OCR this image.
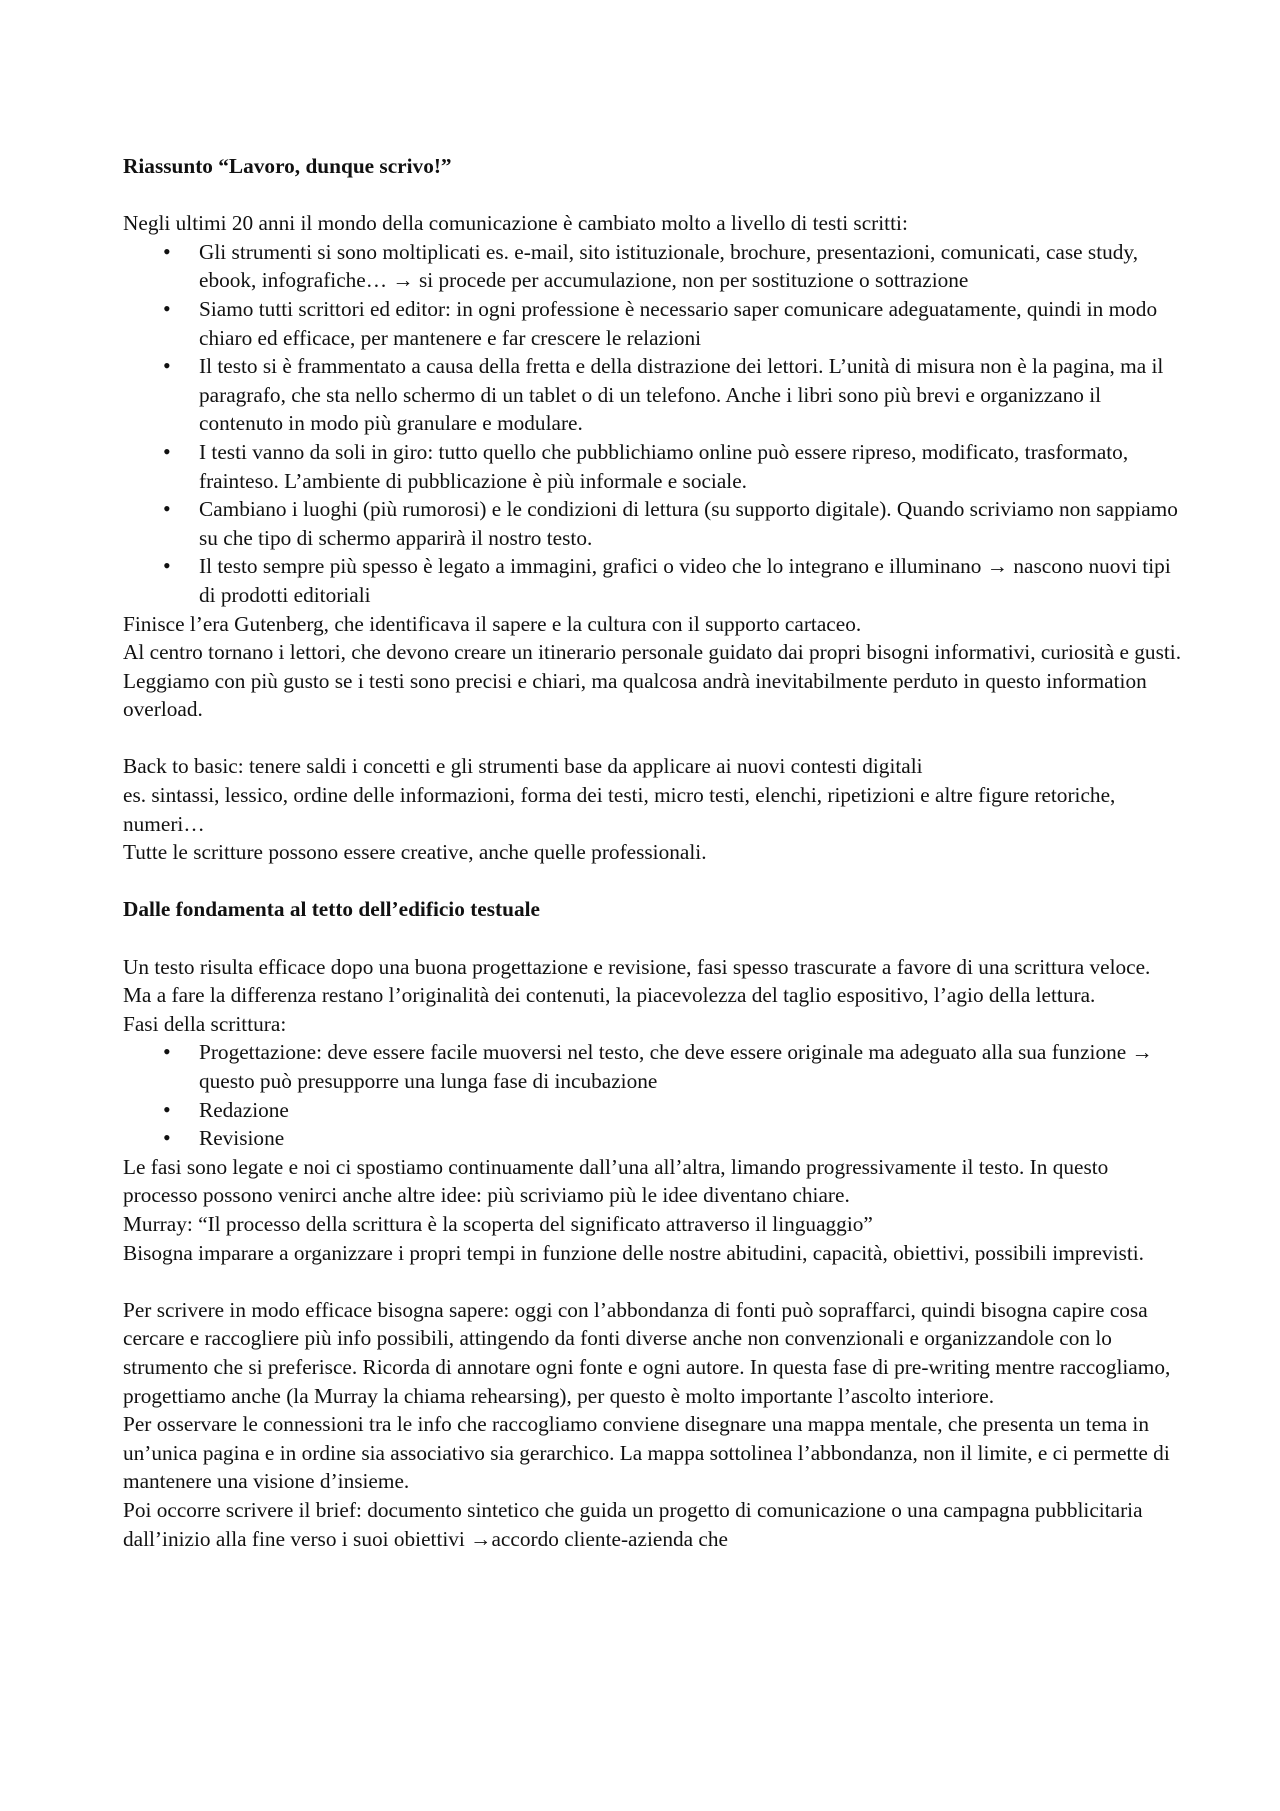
Riassunto “Lavoro, dunque scrivo!”

Negli ultimi 20 anni il mondo della comunicazione è cambiato molto a livello di testi scritti:

• Gli strumenti si sono moltiplicati es. e-mail, sito istituzionale, brochure, presentazioni, comunicati, case study, ebook, infografiche… → si procede per accumulazione, non per sostituzione o sottrazione
• Siamo tutti scrittori ed editor: in ogni professione è necessario saper comunicare adeguatamente, quindi in modo chiaro ed efficace, per mantenere e far crescere le relazioni
• Il testo si è frammentato a causa della fretta e della distrazione dei lettori. L’unità di misura non è la pagina, ma il paragrafo, che sta nello schermo di un tablet o di un telefono. Anche i libri sono più brevi e organizzano il contenuto in modo più granulare e modulare.
• I testi vanno da soli in giro: tutto quello che pubblichiamo online può essere ripreso, modificato, trasformato, frainteso. L’ambiente di pubblicazione è più informale e sociale.
• Cambiano i luoghi (più rumorosi) e le condizioni di lettura (su supporto digitale). Quando scriviamo non sappiamo su che tipo di schermo apparirà il nostro testo.
• Il testo sempre più spesso è legato a immagini, grafici o video che lo integrano e illuminano → nascono nuovi tipi di prodotti editoriali

Finisce l’era Gutenberg, che identificava il sapere e la cultura con il supporto cartaceo.

Al centro tornano i lettori, che devono creare un itinerario personale guidato dai propri bisogni informativi, curiosità e gusti. Leggiamo con più gusto se i testi sono precisi e chiari, ma qualcosa andrà inevitabilmente perduto in questo information overload.

Back to basic: tenere saldi i concetti e gli strumenti base da applicare ai nuovi contesti digitali

es. sintassi, lessico, ordine delle informazioni, forma dei testi, micro testi, elenchi, ripetizioni e altre figure retoriche, numeri…

Tutte le scritture possono essere creative, anche quelle professionali.

Dalle fondamenta al tetto dell’edificio testuale

Un testo risulta efficace dopo una buona progettazione e revisione, fasi spesso trascurate a favore di una scrittura veloce. Ma a fare la differenza restano l’originalità dei contenuti, la piacevolezza del taglio espositivo, l’agio della lettura.

Fasi della scrittura:

• Progettazione: deve essere facile muoversi nel testo, che deve essere originale ma adeguato alla sua funzione → questo può presupporre una lunga fase di incubazione
• Redazione
• Revisione

Le fasi sono legate e noi ci spostiamo continuamente dall’una all’altra, limando progressivamente il testo. In questo processo possono venirci anche altre idee: più scriviamo più le idee diventano chiare.

Murray: “Il processo della scrittura è la scoperta del significato attraverso il linguaggio”

Bisogna imparare a organizzare i propri tempi in funzione delle nostre abitudini, capacità, obiettivi, possibili imprevisti.

Per scrivere in modo efficace bisogna sapere: oggi con l’abbondanza di fonti può sopraffarci, quindi bisogna capire cosa cercare e raccogliere più info possibili, attingendo da fonti diverse anche non convenzionali e organizzandole con lo strumento che si preferisce. Ricorda di annotare ogni fonte e ogni autore. In questa fase di pre-writing mentre raccogliamo, progettiamo anche (la Murray la chiama rehearsing), per questo è molto importante l’ascolto interiore.

Per osservare le connessioni tra le info che raccogliamo conviene disegnare una mappa mentale, che presenta un tema in un’unica pagina e in ordine sia associativo sia gerarchico. La mappa sottolinea l’abbondanza, non il limite, e ci permette di mantenere una visione d’insieme.

Poi occorre scrivere il brief: documento sintetico che guida un progetto di comunicazione o una campagna pubblicitaria dall’inizio alla fine verso i suoi obiettivi →accordo cliente-azienda che
